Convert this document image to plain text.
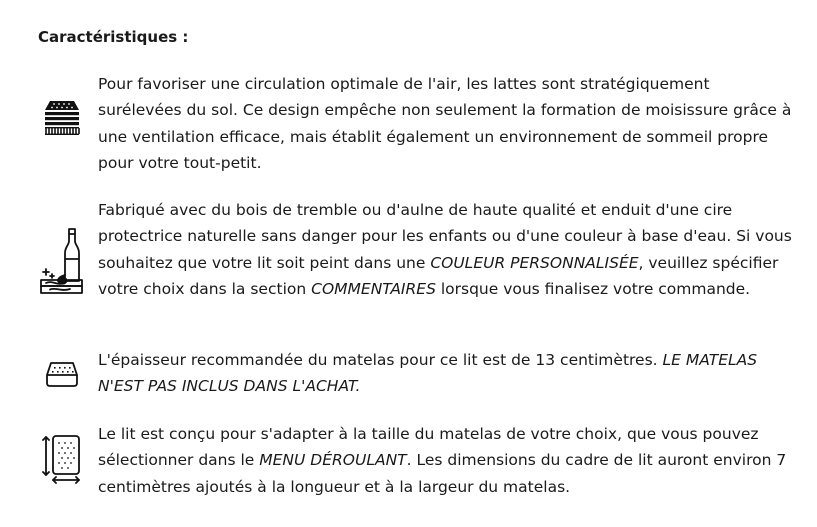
Caractéristiques :

Pour favoriser une circulation optimale de l'air, les lattes sont stratégiquement surélevées du sol. Ce design empêche non seulement la formation de moisissure grâce à une ventilation efficace, mais établit également un environnement de sommeil propre pour votre tout-petit.

Fabriqué avec du bois de tremble ou d'aulne de haute qualité et enduit d'une cire protectrice naturelle sans danger pour les enfants ou d'une couleur à base d'eau. Si vous souhaitez que votre lit soit peint dans une COULEUR PERSONNALISÉE, veuillez spécifier votre choix dans la section COMMENTAIRES lorsque vous finalisez votre commande.

L'épaisseur recommandée du matelas pour ce lit est de 13 centimètres. LE MATELAS N'EST PAS INCLUS DANS L'ACHAT.

Le lit est conçu pour s'adapter à la taille du matelas de votre choix, que vous pouvez sélectionner dans le MENU DÉROULANT. Les dimensions du cadre de lit auront environ 7 centimètres ajoutés à la longueur et à la largeur du matelas.
